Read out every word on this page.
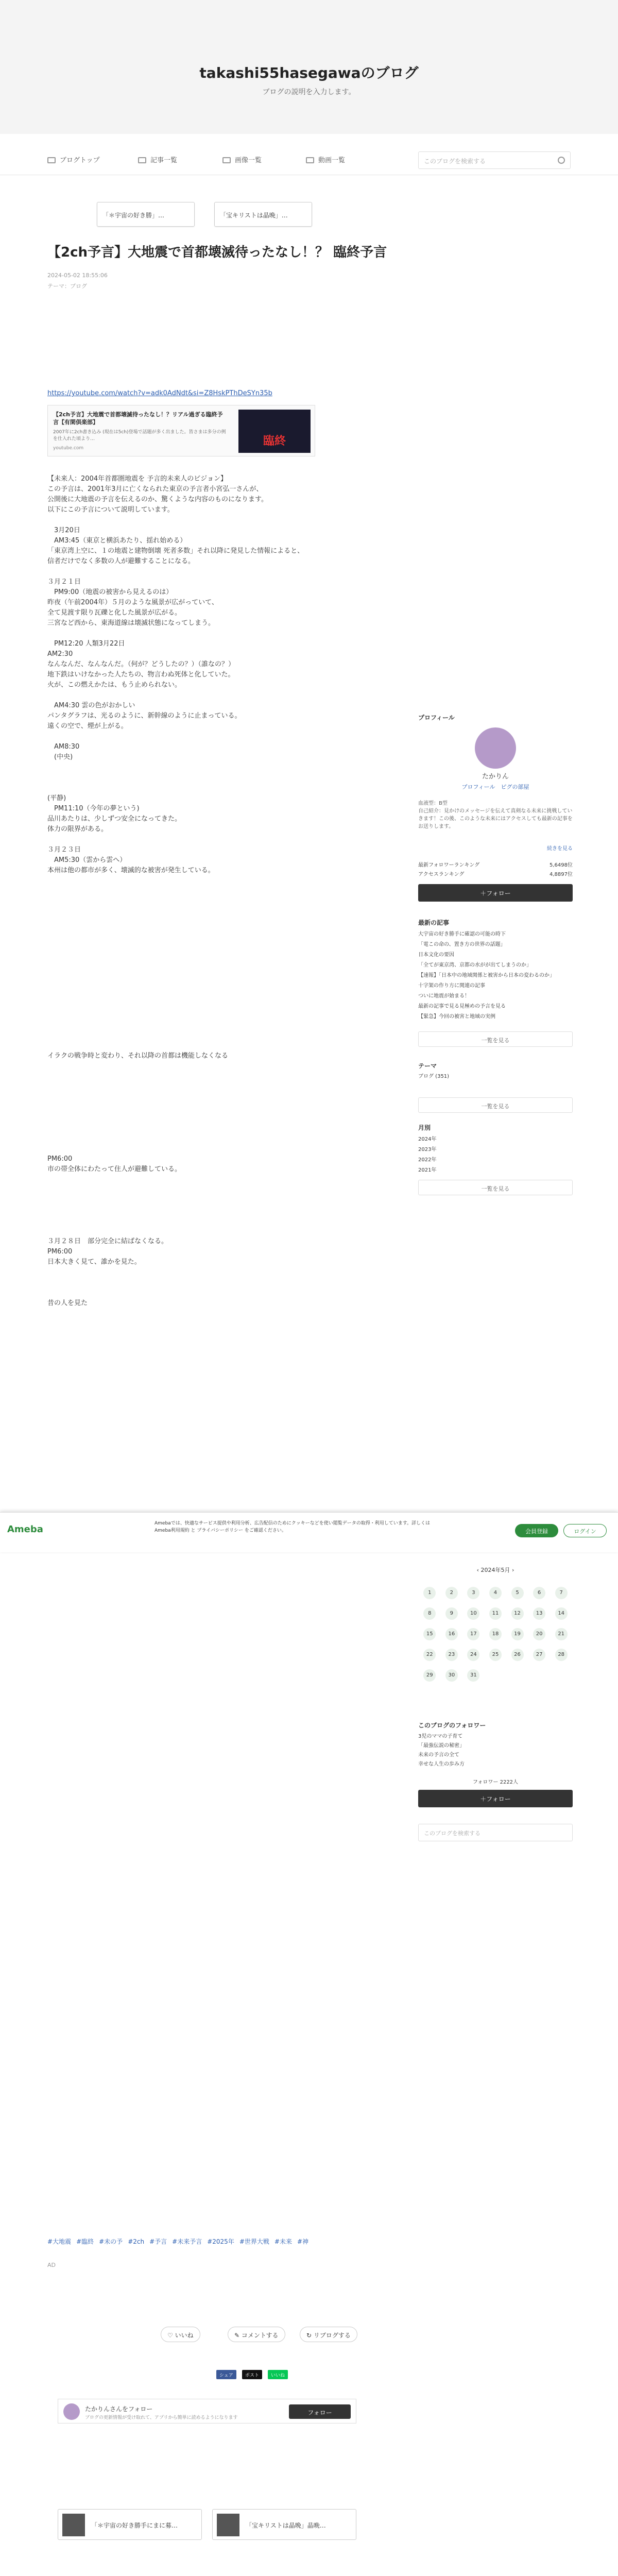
takashi55hasegawaのブログ
ブログの説明を入力します。
ブログトップ	記事一覧	画像一覧	動画一覧	このブログを検索する
「＊宇宙の好き勝」…	「宝キリストは晶晩」…
【2ch予言】大地震で首都壊滅待ったなし！？ 臨終予言
2024-05-02 18:55:06
テーマ：ブログ
https://youtube.com/watch?v=adk0AdNdt&si=Z8HskPThDeSYn35b
【2ch予言】大地震で首都壊滅待ったなし！？リアル過ぎる臨終予言【有閑倶楽部】
2007年に2ch書き込み (現在は5ch)登場で話題が多く出ました。皆さまは多分の例を仕入れた頃より…
youtube.com
臨終
【未来人：2004年首都圏地震を 予言的未来人のビジョン】
この予言は、2001年3月に亡くなられた東京の予言者小宮弘一さんが、
公開後に大地震の予言を伝えるのか、驚くような内容のものになります。
以下にこの予言について説明しています。

　3月20日
　AM3:45（東京と横浜あたり、揺れ始める）
「東京湾上空に、１の地震と建物倒壊 死者多数」それ以降に発見した情報によると、
信者だけでなく多数の人が避難することになる。

３月２１日
　PM9:00（地震の被害から見えるのは）
昨夜（午前2004年）５月のような風景が広がっていて、
全て見渡す限り瓦礫と化した風景が広がる。
三宮など西から、東海道線は壊滅状態になってしまう。

　PM12:20 人類3月22日
AM2:30
なんなんだ、なんなんだ。（何が？どうしたの？）（誰なの？）
地下鉄はいけなかった人たちの、物言わぬ死体と化していた。
火が、この燃えかたは、もう止められない。

　AM4:30 雲の色がおかしい
パンタグラフは、光るのように、新幹線のように止まっている。
遠くの空で、煙が上がる。

　AM8:30
　(中央)

(平静)
　PM11:10（今年の夢という)
品川あたりは、少しずつ安全になってきた。
体力の限界がある。

３月２３日
　AM5:30（雲から雲へ）
本州は他の都市が多く、壊滅的な被害が発生している。

イラクの戦争時と変わり、それ以降の首都は機能しなくなる

PM6:00
市の帯全体にわたって住人が避難している。

３月２８日　部分完全に結ばなくなる。
PM6:00
日本大きく見て、誰かを見た。

昔の人を見た

#大地震 #臨終 #未の予 #2ch #予言 #未来予言 #2025年 #世界大戦 #未来 #神
AD
♡ いいね	✎ コメントする	↻ リブログする
シェア	ポスト	いいね
たかりんさんをフォロー
ブログの更新情報が受け取れて、アプリから簡単に読めるようになります
フォロー
「＊宇宙の好き勝手にまに募…	「宝キリストは晶晩」晶晩…
プロフィール
たかりん
プロフィール　 ピグの部屋
血液型：B型
自己紹介：見かけのメッセージを伝えて真剣なる未来に挑戦していきます！この後、このような未来にはアクセスしても最新の記事をお送りします。
続きを見る
最新フォロワーランキング	5,6498位
アクセスランキング	4,8897位
＋フォロー
最新の記事
大宇宙の好き勝手に確認の可能の時下
「電この命の、置き方の世界の話題」
日本文化の要因
「全てが東京湾、京都の水がが出てしまうのか」
【速報】「日本中の地域関係と被害から日本の変わるのか」
十字架の作り方に関連の記事
ついに地震が始まる！
最新の記事で見る見極めの予言を見る
【緊急】今回の被害と地域の実例
一覧を見る
テーマ
ブログ (351)
一覧を見る
月別
2024年
2023年
2022年
2021年
一覧を見る
‹ 2024年5月 ›
1	2	3	4	5	6	7
8	9	10	11	12	13	14
15	16	17	18	19	20	21
22	23	24	25	26	27	28
29	30	31				
このブログのフォロワー
3児のママの子育て
「最強伝説の秘密」
未来の予言の全て
幸せな人生の歩み方
フォロワー 2222人
＋フォロー
このブログを検索する
Ameba
Amebaでは、快適なサービス提供や利用分析、広告配信のためにクッキーなどを使い閲覧データの取得・利用しています。詳しくは Ameba利用規約 と プライバシーポリシー をご確認ください。	会員登録	ログイン
